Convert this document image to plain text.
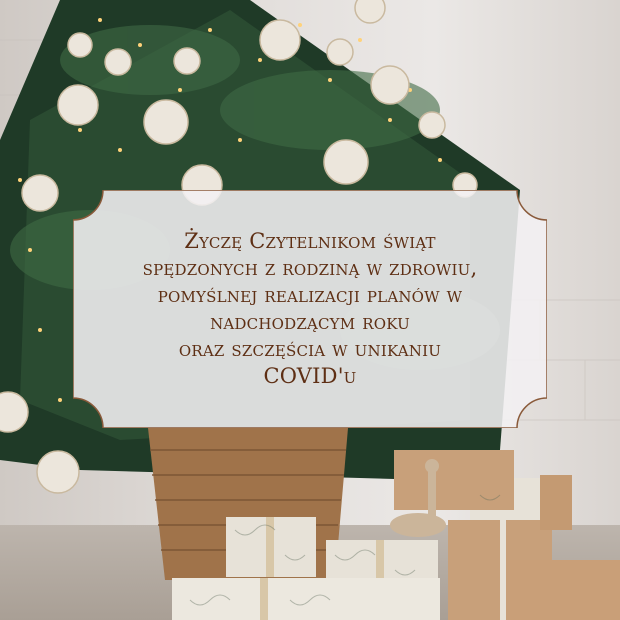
Życzę Czytelnikom świąt
spędzonych z rodziną w zdrowiu,
pomyślnej realizacji planów w
nadchodzącym roku
oraz szczęścia w unikaniu
COVID'u
